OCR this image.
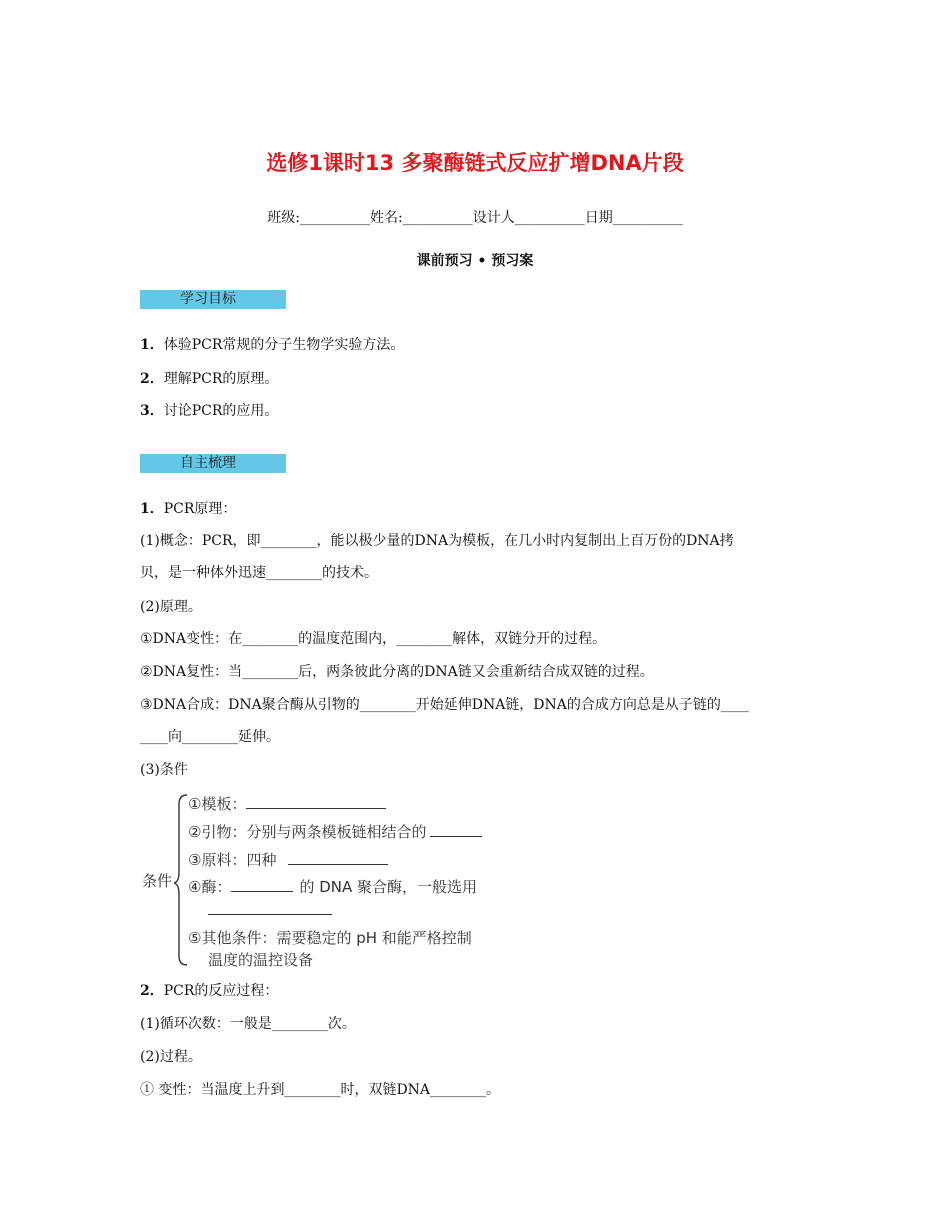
选修1课时13 多聚酶链式反应扩增DNA片段
班级:__________姓名:__________设计人__________日期__________
课前预习 • 预习案
学习目标
1．体验PCR常规的分子生物学实验方法。
2．理解PCR的原理。
3．讨论PCR的应用。
自主梳理
1．PCR原理：
(1)概念：PCR，即________，能以极少量的DNA为模板，在几小时内复制出上百万份的DNA拷
贝，是一种体外迅速________的技术。
(2)原理。
①DNA变性：在________的温度范围内，________解体，双链分开的过程。
②DNA复性：当________后，两条彼此分离的DNA链又会重新结合成双链的过程。
③DNA合成：DNA聚合酶从引物的________开始延伸DNA链，DNA的合成方向总是从子链的____
____向________延伸。
(3)条件
条件
①模板：
②引物：分别与两条模板链相结合的
③原料：四种
④酶：	的 DNA 聚合酶，一般选用
⑤其他条件：需要稳定的 pH 和能严格控制
温度的温控设备
2．PCR的反应过程：
(1)循环次数：一般是________次。
(2)过程。
① 变性：当温度上升到________时，双链DNA________。
